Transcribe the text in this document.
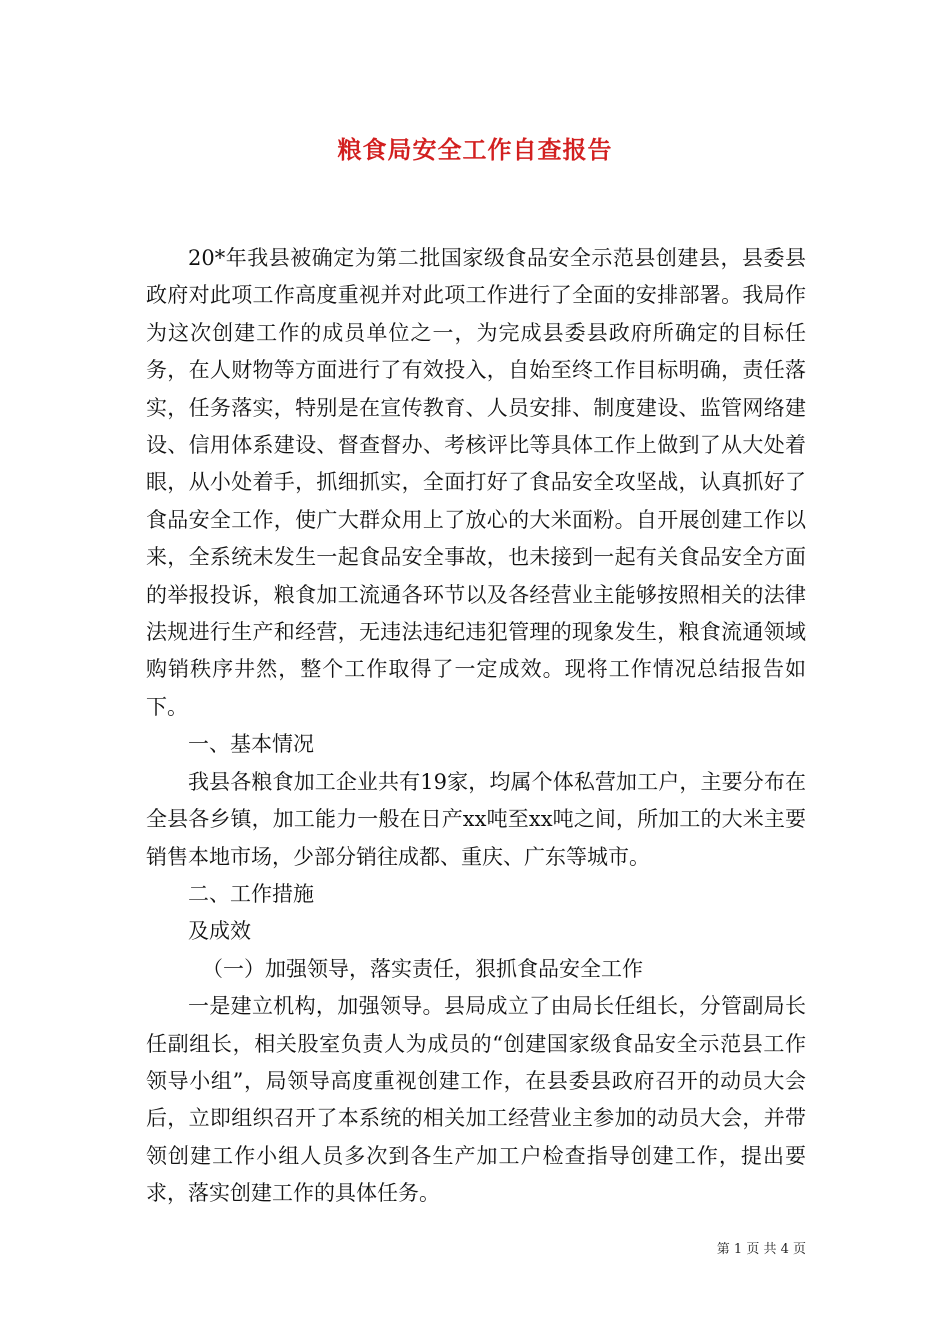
粮食局安全工作自查报告

20*年我县被确定为第二批国家级食品安全示范县创建县，县委县政府对此项工作高度重视并对此项工作进行了全面的安排部署。我局作为这次创建工作的成员单位之一，为完成县委县政府所确定的目标任务，在人财物等方面进行了有效投入，自始至终工作目标明确，责任落实，任务落实，特别是在宣传教育、人员安排、制度建设、监管网络建设、信用体系建设、督查督办、考核评比等具体工作上做到了从大处着眼，从小处着手，抓细抓实，全面打好了食品安全攻坚战，认真抓好了食品安全工作，使广大群众用上了放心的大米面粉。自开展创建工作以来，全系统未发生一起食品安全事故，也未接到一起有关食品安全方面的举报投诉，粮食加工流通各环节以及各经营业主能够按照相关的法律法规进行生产和经营，无违法违纪违犯管理的现象发生，粮食流通领域购销秩序井然，整个工作取得了一定成效。现将工作情况总结报告如下。

一、基本情况

我县各粮食加工企业共有19家，均属个体私营加工户，主要分布在全县各乡镇，加工能力一般在日产xx吨至xx吨之间，所加工的大米主要销售本地市场，少部分销往成都、重庆、广东等城市。

二、工作措施

及成效

（一）加强领导，落实责任，狠抓食品安全工作

一是建立机构，加强领导。县局成立了由局长任组长，分管副局长任副组长，相关股室负责人为成员的“创建国家级食品安全示范县工作领导小组”，局领导高度重视创建工作，在县委县政府召开的动员大会后，立即组织召开了本系统的相关加工经营业主参加的动员大会，并带领创建工作小组人员多次到各生产加工户检查指导创建工作，提出要求，落实创建工作的具体任务。

第 1 页 共 4 页
